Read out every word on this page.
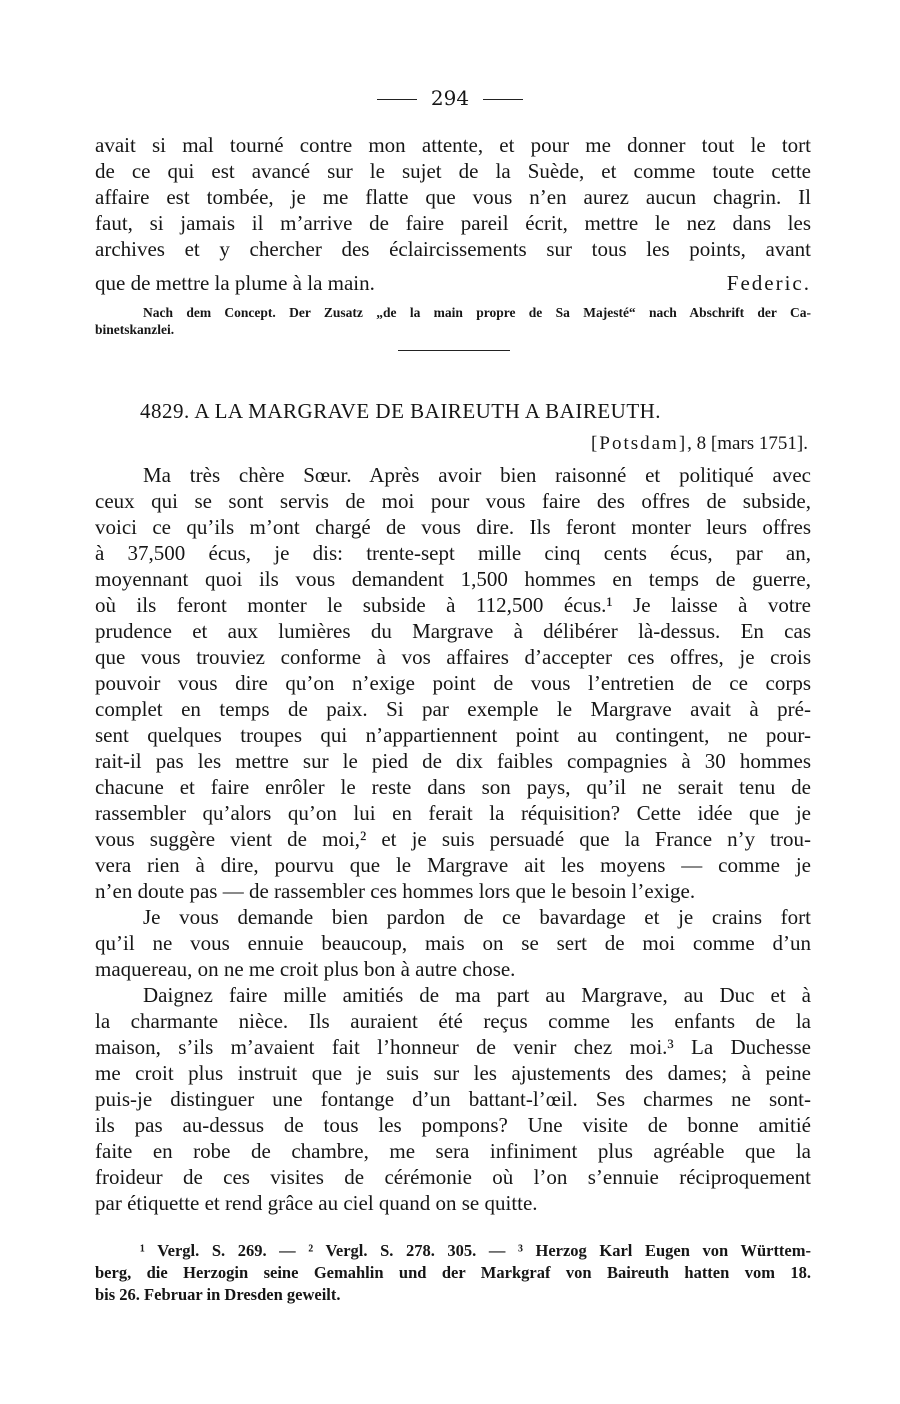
294
avait si mal tourné contre mon attente, et pour me donner tout le tort
de ce qui est avancé sur le sujet de la Suède, et comme toute cette
affaire est tombée, je me flatte que vous n’en aurez aucun chagrin. Il
faut, si jamais il m’arrive de faire pareil écrit, mettre le nez dans les
archives et y chercher des éclaircissements sur tous les points, avant
que de mettre la plume à la main.	Federic.
Nach dem Concept. Der Zusatz „de la main propre de Sa Majesté“ nach Abschrift der Ca-
binetskanzlei.
4829. A LA MARGRAVE DE BAIREUTH A BAIREUTH.
[Potsdam], 8 [mars 1751].
Ma très chère Sœur. Après avoir bien raisonné et politiqué avec
ceux qui se sont servis de moi pour vous faire des offres de subside,
voici ce qu’ils m’ont chargé de vous dire. Ils feront monter leurs offres
à 37,500 écus, je dis: trente-sept mille cinq cents écus, par an,
moyennant quoi ils vous demandent 1,500 hommes en temps de guerre,
où ils feront monter le subside à 112,500 écus.¹ Je laisse à votre
prudence et aux lumières du Margrave à délibérer là-dessus. En cas
que vous trouviez conforme à vos affaires d’accepter ces offres, je crois
pouvoir vous dire qu’on n’exige point de vous l’entretien de ce corps
complet en temps de paix. Si par exemple le Margrave avait à pré-
sent quelques troupes qui n’appartiennent point au contingent, ne pour-
rait-il pas les mettre sur le pied de dix faibles compagnies à 30 hommes
chacune et faire enrôler le reste dans son pays, qu’il ne serait tenu de
rassembler qu’alors qu’on lui en ferait la réquisition? Cette idée que je
vous suggère vient de moi,² et je suis persuadé que la France n’y trou-
vera rien à dire, pourvu que le Margrave ait les moyens — comme je
n’en doute pas — de rassembler ces hommes lors que le besoin l’exige.
Je vous demande bien pardon de ce bavardage et je crains fort
qu’il ne vous ennuie beaucoup, mais on se sert de moi comme d’un
maquereau, on ne me croit plus bon à autre chose.
Daignez faire mille amitiés de ma part au Margrave, au Duc et à
la charmante nièce. Ils auraient été reçus comme les enfants de la
maison, s’ils m’avaient fait l’honneur de venir chez moi.³ La Duchesse
me croit plus instruit que je suis sur les ajustements des dames; à peine
puis-je distinguer une fontange d’un battant-l’œil. Ses charmes ne sont-
ils pas au-dessus de tous les pompons? Une visite de bonne amitié
faite en robe de chambre, me sera infiniment plus agréable que la
froideur de ces visites de cérémonie où l’on s’ennuie réciproquement
par étiquette et rend grâce au ciel quand on se quitte.
¹ Vergl. S. 269. — ² Vergl. S. 278. 305. — ³ Herzog Karl Eugen von Württem-
berg, die Herzogin seine Gemahlin und der Markgraf von Baireuth hatten vom 18.
bis 26. Februar in Dresden geweilt.
